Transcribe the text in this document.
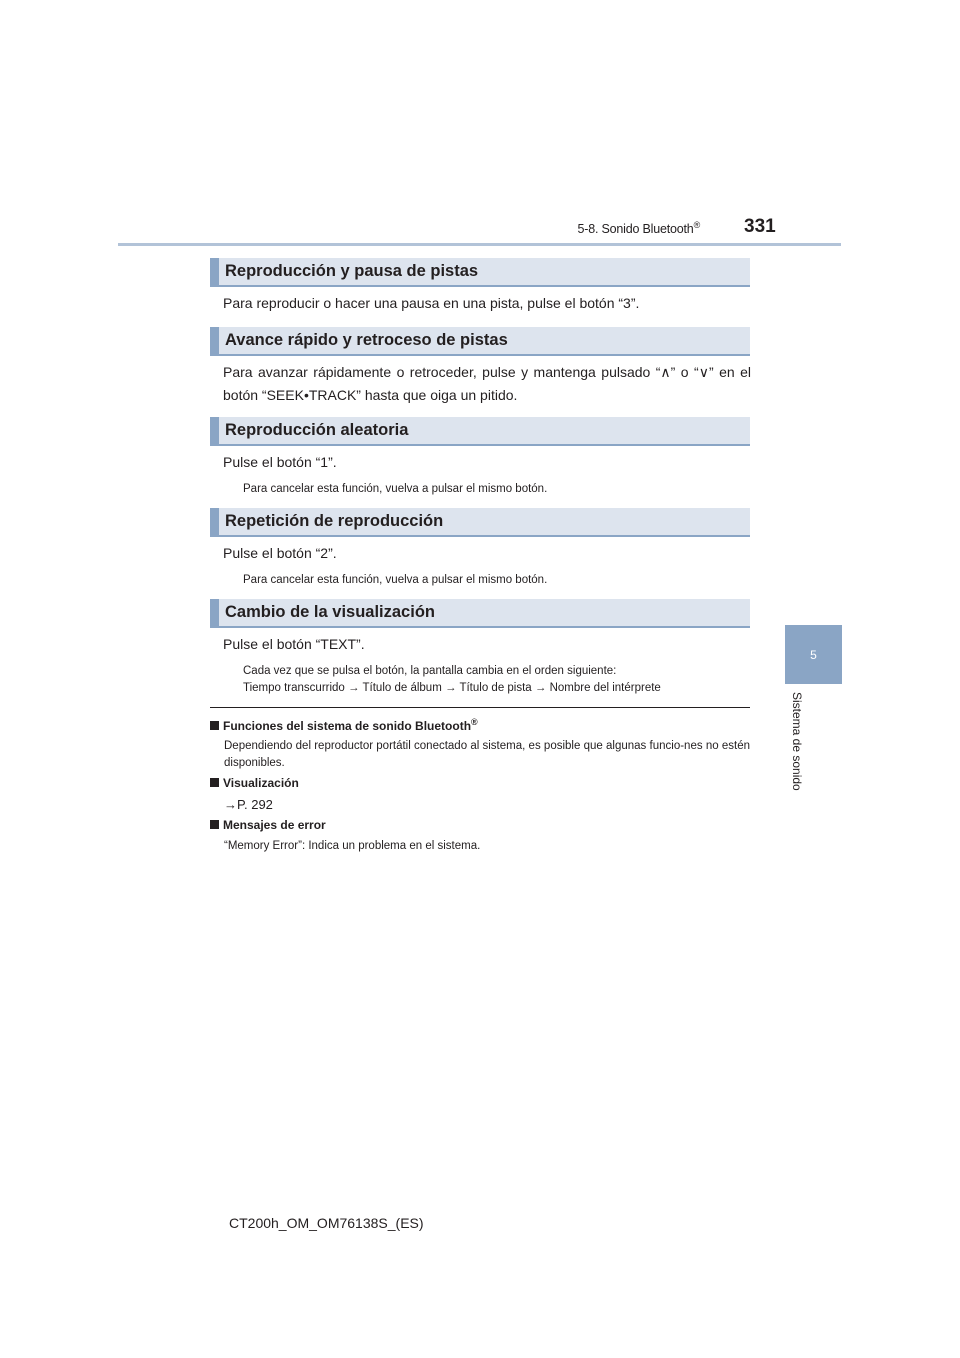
5-8. Sonido Bluetooth® 331
5
Sistema de sonido
Reproducción y pausa de pistas
Para reproducir o hacer una pausa en una pista, pulse el botón “3”.
Avance rápido y retroceso de pistas
Para avanzar rápidamente o retroceder, pulse y mantenga pulsado “∧” o “∨” en el botón “SEEK•TRACK” hasta que oiga un pitido.
Reproducción aleatoria
Pulse el botón “1”.
Para cancelar esta función, vuelva a pulsar el mismo botón.
Repetición de reproducción
Pulse el botón “2”.
Para cancelar esta función, vuelva a pulsar el mismo botón.
Cambio de la visualización
Pulse el botón “TEXT”.
Cada vez que se pulsa el botón, la pantalla cambia en el orden siguiente:
Tiempo transcurrido → Título de álbum → Título de pista → Nombre del intérprete
Funciones del sistema de sonido Bluetooth®
Dependiendo del reproductor portátil conectado al sistema, es posible que algunas funcio-nes no estén disponibles.
Visualización
→P. 292
Mensajes de error
“Memory Error”: Indica un problema en el sistema.
CT200h_OM_OM76138S_(ES)
